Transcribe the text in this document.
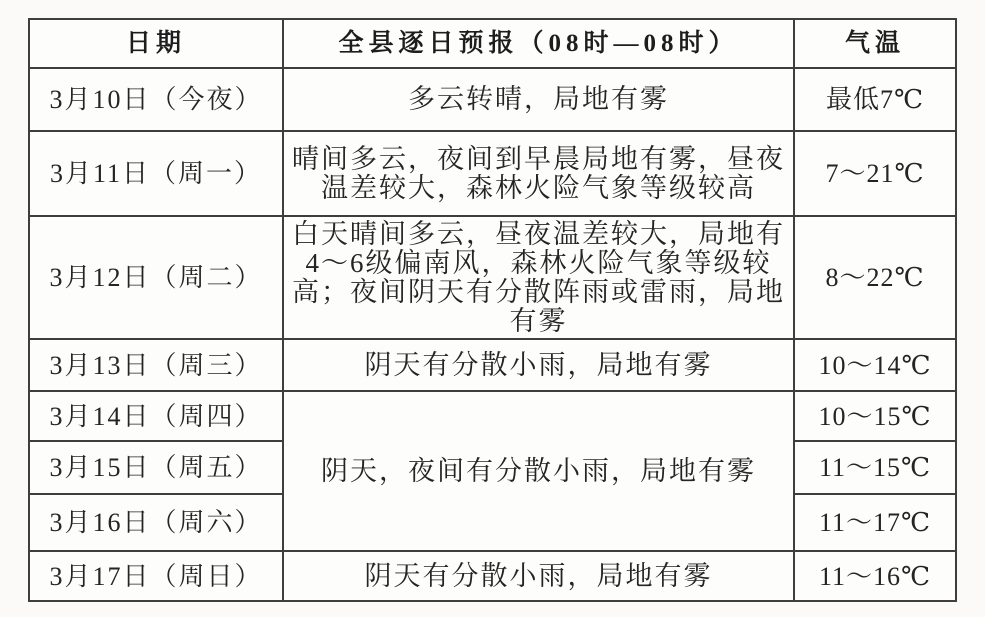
日期	全县逐日预报（08时—08时）	气温
3月10日（今夜）	多云转晴，局地有雾	最低7℃
3月11日（周一）	晴间多云，夜间到早晨局地有雾，昼夜温差较大，森林火险气象等级较高	7～21℃
3月12日（周二）	白天晴间多云，昼夜温差较大，局地有4～6级偏南风，森林火险气象等级较高；夜间阴天有分散阵雨或雷雨，局地有雾	8～22℃
3月13日（周三）	阴天有分散小雨，局地有雾	10～14℃
3月14日（周四）	阴天，夜间有分散小雨，局地有雾	10～15℃
3月15日（周五）		11～15℃
3月16日（周六）		11～17℃
3月17日（周日）	阴天有分散小雨，局地有雾	11～16℃
